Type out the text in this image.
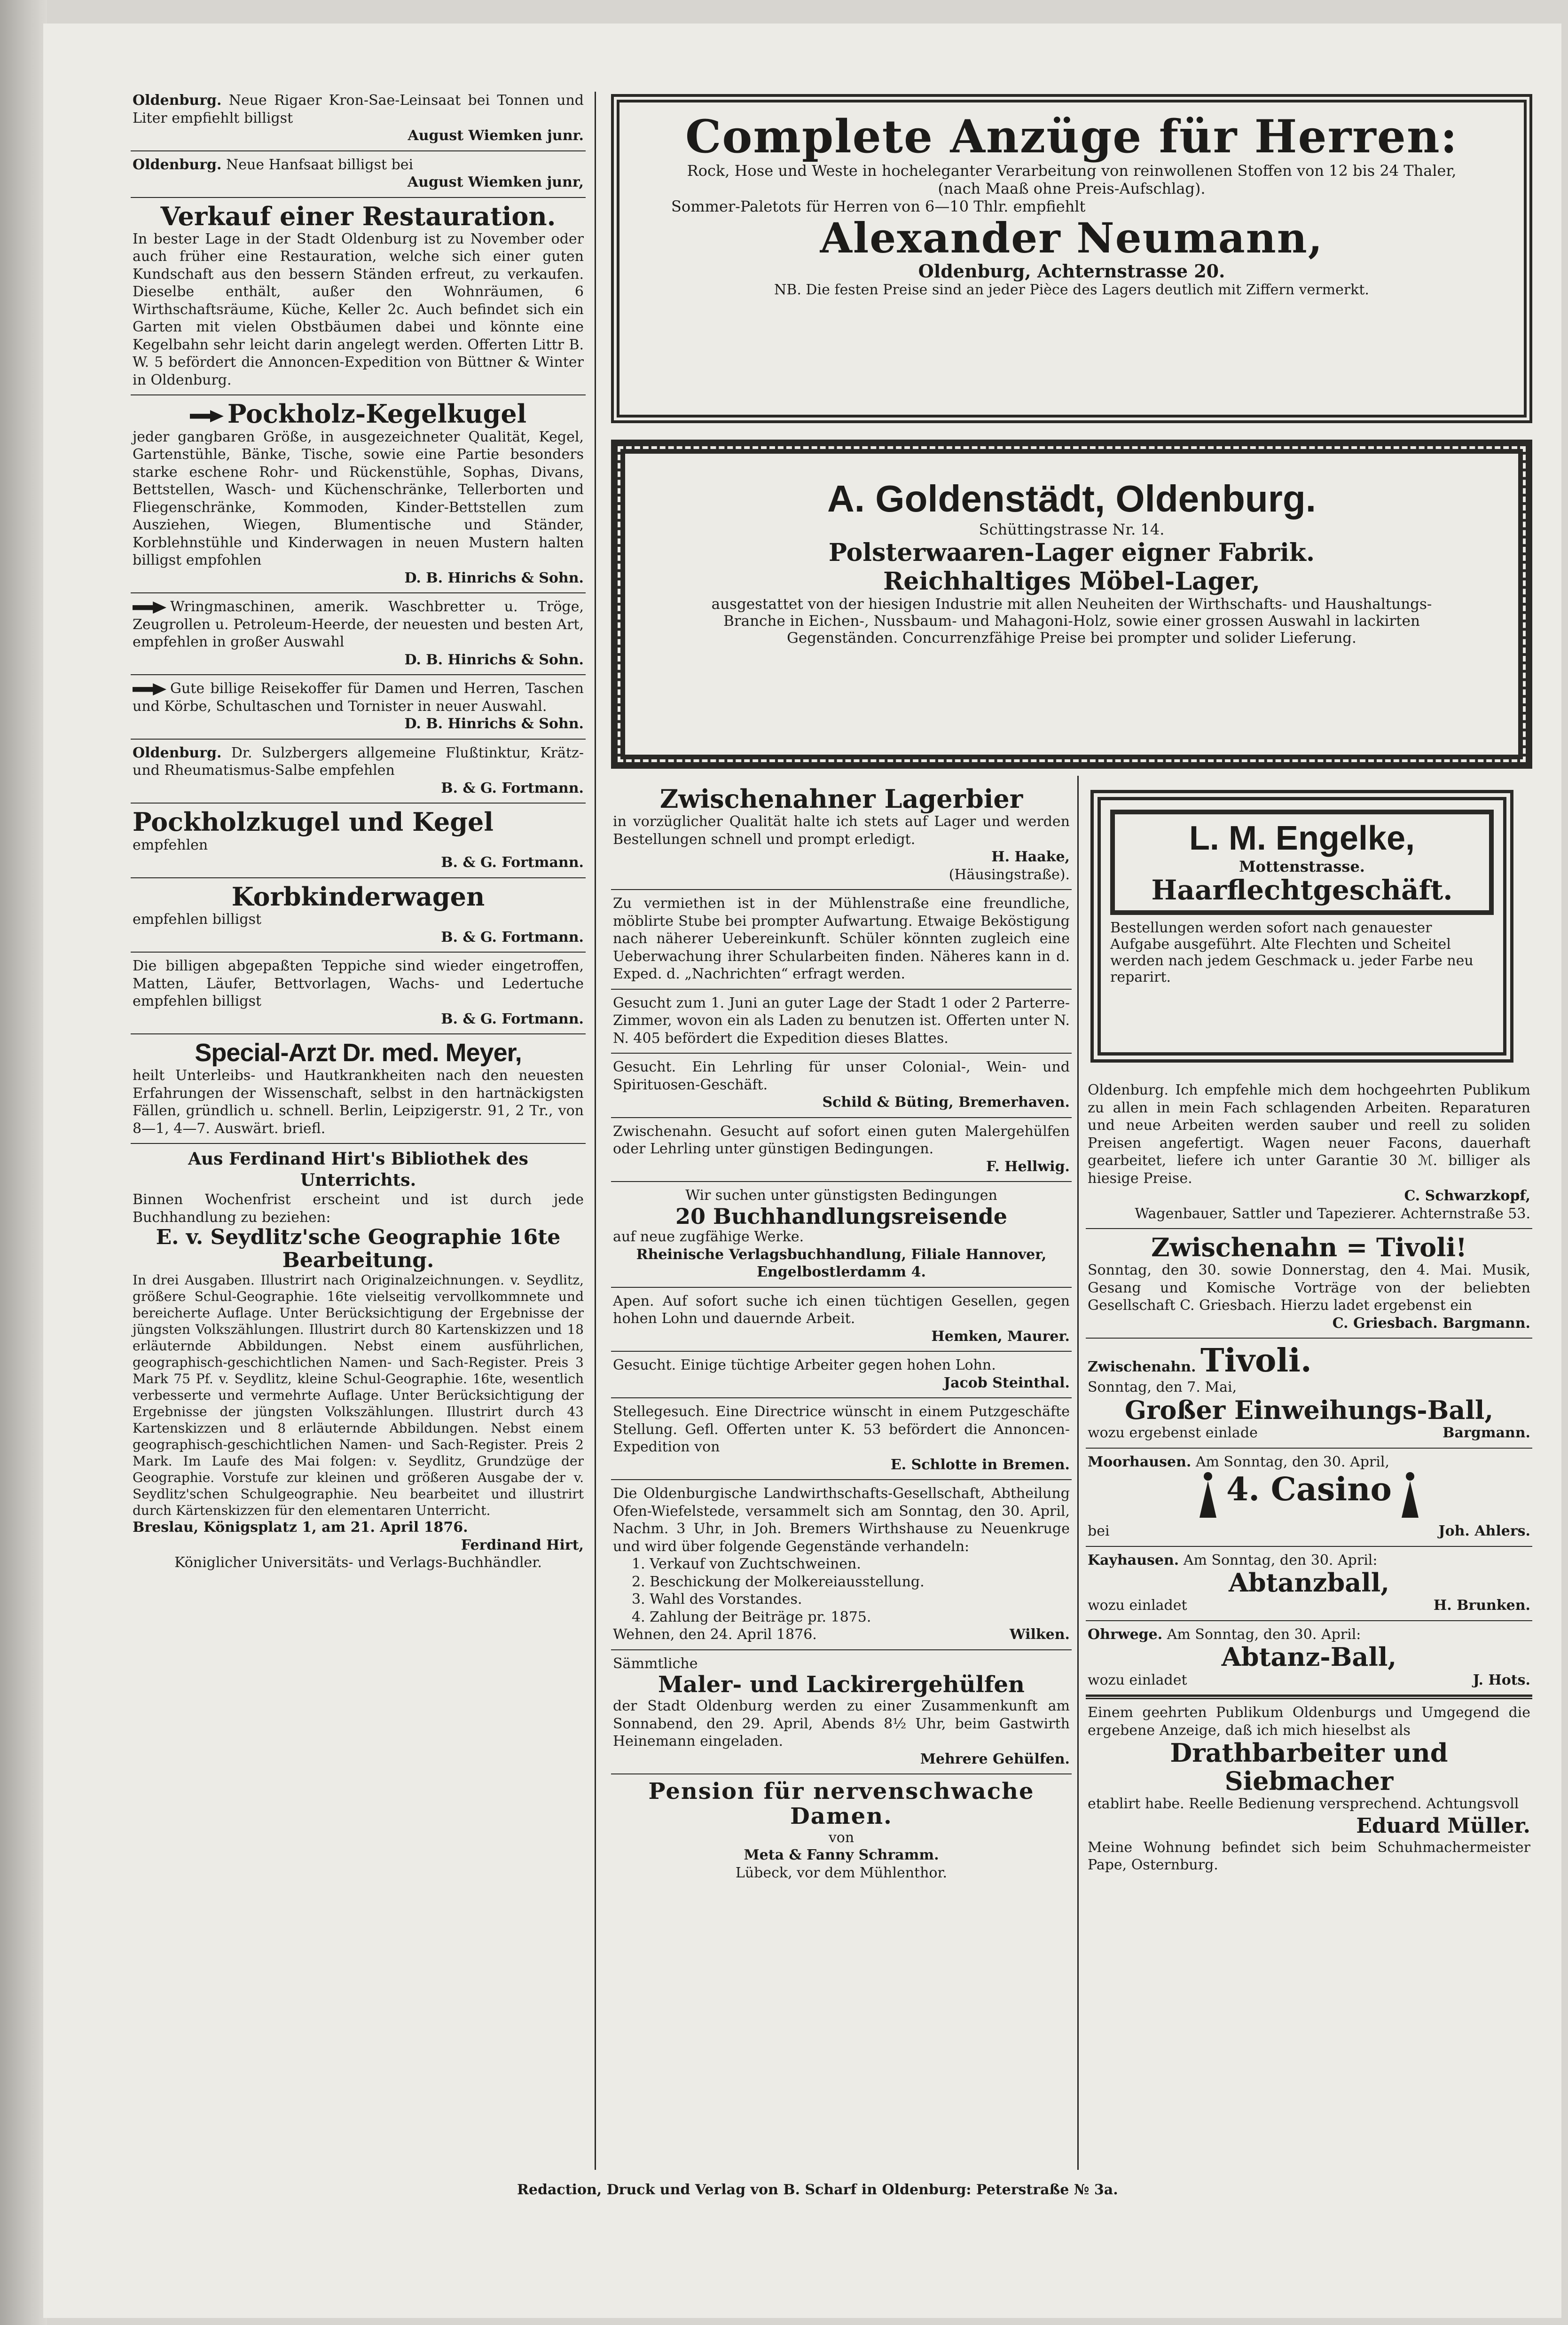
Oldenburg. Neue Rigaer Kron-Sae-Leinsaat bei Tonnen und Liter empfiehlt billigst
August Wiemken junr.
Oldenburg. Neue Hanfsaat billigst bei
August Wiemken junr,
Verkauf einer Restauration.
In bester Lage in der Stadt Oldenburg ist zu November oder auch früher eine Restauration, welche sich einer guten Kundschaft aus den bessern Ständen erfreut, zu verkaufen. Dieselbe enthält, außer den Wohnräumen, 6 Wirthschaftsräume, Küche, Keller 2c. Auch befindet sich ein Garten mit vielen Obstbäumen dabei und könnte eine Kegelbahn sehr leicht darin angelegt werden. Offerten Littr B. W. 5 befördert die Annoncen-Expedition von Büttner & Winter in Oldenburg.
Pockholz-Kegelkugel
jeder gangbaren Größe, in ausgezeichneter Qualität, Kegel, Gartenstühle, Bänke, Tische, sowie eine Partie besonders starke eschene Rohr- und Rückenstühle, Sophas, Divans, Bettstellen, Wasch- und Küchenschränke, Tellerborten und Fliegenschränke, Kommoden, Kinder-Bettstellen zum Ausziehen, Wiegen, Blumentische und Ständer, Korblehnstühle und Kinderwagen in neuen Mustern halten billigst empfohlen
D. B. Hinrichs & Sohn.
Wringmaschinen, amerik. Waschbretter u. Tröge, Zeugrollen u. Petroleum-Heerde, der neuesten und besten Art, empfehlen in großer Auswahl
D. B. Hinrichs & Sohn.
Gute billige Reisekoffer für Damen und Herren, Taschen und Körbe, Schultaschen und Tornister in neuer Auswahl.
D. B. Hinrichs & Sohn.
Oldenburg. Dr. Sulzbergers allgemeine Flußtinktur, Krätz- und Rheumatismus-Salbe empfehlen
B. & G. Fortmann.
Pockholzkugel und Kegel
empfehlen
B. & G. Fortmann.
Korbkinderwagen
empfehlen billigst
B. & G. Fortmann.
Die billigen abgepaßten Teppiche sind wieder eingetroffen, Matten, Läufer, Bettvorlagen, Wachs- und Ledertuche empfehlen billigst
B. & G. Fortmann.
Special-Arzt Dr. med. Meyer,
heilt Unterleibs- und Hautkrankheiten nach den neuesten Erfahrungen der Wissenschaft, selbst in den hartnäckigsten Fällen, gründlich u. schnell. Berlin, Leipzigerstr. 91, 2 Tr., von 8—1, 4—7. Auswärt. briefl.
Aus Ferdinand Hirt's Bibliothek des Unterrichts.
Binnen Wochenfrist erscheint und ist durch jede Buchhandlung zu beziehen:
E. v. Seydlitz'sche Geographie 16te Bearbeitung.
In drei Ausgaben. Illustrirt nach Originalzeichnungen. v. Seydlitz, größere Schul-Geographie. 16te vielseitig vervollkommnete und bereicherte Auflage. Unter Berücksichtigung der Ergebnisse der jüngsten Volkszählungen. Illustrirt durch 80 Kartenskizzen und 18 erläuternde Abbildungen. Nebst einem ausführlichen, geographisch-geschichtlichen Namen- und Sach-Register. Preis 3 Mark 75 Pf. v. Seydlitz, kleine Schul-Geographie. 16te, wesentlich verbesserte und vermehrte Auflage. Unter Berücksichtigung der Ergebnisse der jüngsten Volkszählungen. Illustrirt durch 43 Kartenskizzen und 8 erläuternde Abbildungen. Nebst einem geographisch-geschichtlichen Namen- und Sach-Register. Preis 2 Mark. Im Laufe des Mai folgen: v. Seydlitz, Grundzüge der Geographie. Vorstufe zur kleinen und größeren Ausgabe der v. Seydlitz'schen Schulgeographie. Neu bearbeitet und illustrirt durch Kärtenskizzen für den elementaren Unterricht.
Breslau, Königsplatz 1, am 21. April 1876.
Ferdinand Hirt,
Königlicher Universitäts- und Verlags-Buchhändler.
Complete Anzüge für Herren:
Rock, Hose und Weste in hocheleganter Verarbeitung von reinwollenen Stoffen von 12 bis 24 Thaler,
(nach Maaß ohne Preis-Aufschlag).
Sommer-Paletots für Herren von 6—10 Thlr. empfiehlt
Alexander Neumann,
Oldenburg, Achternstrasse 20.
NB. Die festen Preise sind an jeder Pièce des Lagers deutlich mit Ziffern vermerkt.
A. Goldenstädt, Oldenburg.
Schüttingstrasse Nr. 14.
Polsterwaaren-Lager eigner Fabrik.
Reichhaltiges Möbel-Lager,
ausgestattet von der hiesigen Industrie mit allen Neuheiten der Wirthschafts- und Haushaltungs-Branche in Eichen-, Nussbaum- und Mahagoni-Holz, sowie einer grossen Auswahl in lackirten Gegenständen. Concurrenzfähige Preise bei prompter und solider Lieferung.
Zwischenahner Lagerbier
in vorzüglicher Qualität halte ich stets auf Lager und werden Bestellungen schnell und prompt erledigt.
H. Haake,
(Häusingstraße).
Zu vermiethen ist in der Mühlenstraße eine freundliche, möblirte Stube bei prompter Aufwartung. Etwaige Beköstigung nach näherer Uebereinkunft. Schüler könnten zugleich eine Ueberwachung ihrer Schularbeiten finden. Näheres kann in d. Exped. d. „Nachrichten“ erfragt werden.
Gesucht zum 1. Juni an guter Lage der Stadt 1 oder 2 Parterre-Zimmer, wovon ein als Laden zu benutzen ist. Offerten unter N. N. 405 befördert die Expedition dieses Blattes.
Gesucht. Ein Lehrling für unser Colonial-, Wein- und Spirituosen-Geschäft.
Schild & Büting, Bremerhaven.
Zwischenahn. Gesucht auf sofort einen guten Malergehülfen oder Lehrling unter günstigen Bedingungen.
F. Hellwig.
Wir suchen unter günstigsten Bedingungen
20 Buchhandlungsreisende
auf neue zugfähige Werke.
Rheinische Verlagsbuchhandlung, Filiale Hannover, Engelbostlerdamm 4.
Apen. Auf sofort suche ich einen tüchtigen Gesellen, gegen hohen Lohn und dauernde Arbeit.
Hemken, Maurer.
Gesucht. Einige tüchtige Arbeiter gegen hohen Lohn.
Jacob Steinthal.
Stellegesuch. Eine Directrice wünscht in einem Putzgeschäfte Stellung. Gefl. Offerten unter K. 53 befördert die Annoncen-Expedition von
E. Schlotte in Bremen.
Die Oldenburgische Landwirthschafts-Gesellschaft, Abtheilung Ofen-Wiefelstede, versammelt sich am Sonntag, den 30. April, Nachm. 3 Uhr, in Joh. Bremers Wirthshause zu Neuenkruge und wird über folgende Gegenstände verhandeln:
1. Verkauf von Zuchtschweinen.
2. Beschickung der Molkereiausstellung.
3. Wahl des Vorstandes.
4. Zahlung der Beiträge pr. 1875.
Wehnen, den 24. April 1876.	Wilken.
Sämmtliche
Maler- und Lackirergehülfen
der Stadt Oldenburg werden zu einer Zusammenkunft am Sonnabend, den 29. April, Abends 8½ Uhr, beim Gastwirth Heinemann eingeladen.
Mehrere Gehülfen.
Pension für nervenschwache Damen.
von
Meta & Fanny Schramm.
Lübeck, vor dem Mühlenthor.
L. M. Engelke,
Mottenstrasse.
Haarflechtgeschäft.
Bestellungen werden sofort nach genauester Aufgabe ausgeführt. Alte Flechten und Scheitel werden nach jedem Geschmack u. jeder Farbe neu reparirt.
Oldenburg. Ich empfehle mich dem hochgeehrten Publikum zu allen in mein Fach schlagenden Arbeiten. Reparaturen und neue Arbeiten werden sauber und reell zu soliden Preisen angefertigt. Wagen neuer Facons, dauerhaft gearbeitet, liefere ich unter Garantie 30 ℳ. billiger als hiesige Preise.
C. Schwarzkopf,
Wagenbauer, Sattler und Tapezierer. Achternstraße 53.
Zwischenahn = Tivoli!
Sonntag, den 30. sowie Donnerstag, den 4. Mai. Musik, Gesang und Komische Vorträge von der beliebten Gesellschaft C. Griesbach. Hierzu ladet ergebenst ein
C. Griesbach. Bargmann.
Zwischenahn. Tivoli.
Sonntag, den 7. Mai,
Großer Einweihungs-Ball,
wozu ergebenst einlade	Bargmann.
Moorhausen. Am Sonntag, den 30. April,
4. Casino
bei	Joh. Ahlers.
Kayhausen. Am Sonntag, den 30. April:
Abtanzball,
wozu einladet	H. Brunken.
Ohrwege. Am Sonntag, den 30. April:
Abtanz-Ball,
wozu einladet	J. Hots.
Einem geehrten Publikum Oldenburgs und Umgegend die ergebene Anzeige, daß ich mich hieselbst als
Drathbarbeiter und Siebmacher
etablirt habe. Reelle Bedienung versprechend. Achtungsvoll
Eduard Müller.
Meine Wohnung befindet sich beim Schuhmachermeister Pape, Osternburg.
Redaction, Druck und Verlag von B. Scharf in Oldenburg: Peterstraße № 3a.
